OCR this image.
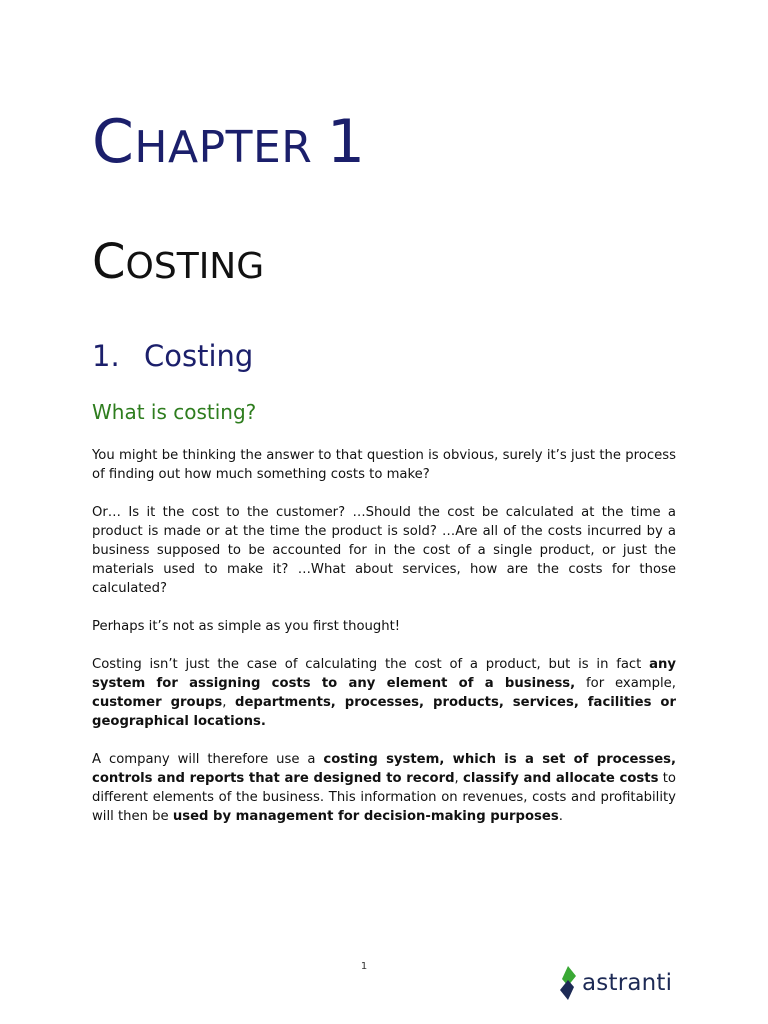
CHAPTER 1
COSTING
1. Costing
What is costing?

You might be thinking the answer to that question is obvious, surely it’s just the process of finding out how much something costs to make?

Or… Is it the cost to the customer? …Should the cost be calculated at the time a product is made or at the time the product is sold? …Are all of the costs incurred by a business supposed to be accounted for in the cost of a single product, or just the materials used to make it? …What about services, how are the costs for those calculated?

Perhaps it’s not as simple as you first thought!

Costing isn’t just the case of calculating the cost of a product, but is in fact any system for assigning costs to any element of a business, for example, customer groups, departments, processes, products, services, facilities or geographical locations.

A company will therefore use a costing system, which is a set of processes, controls and reports that are designed to record, classify and allocate costs to different elements of the business. This information on revenues, costs and profitability will then be used by management for decision-making purposes.

1
astranti
